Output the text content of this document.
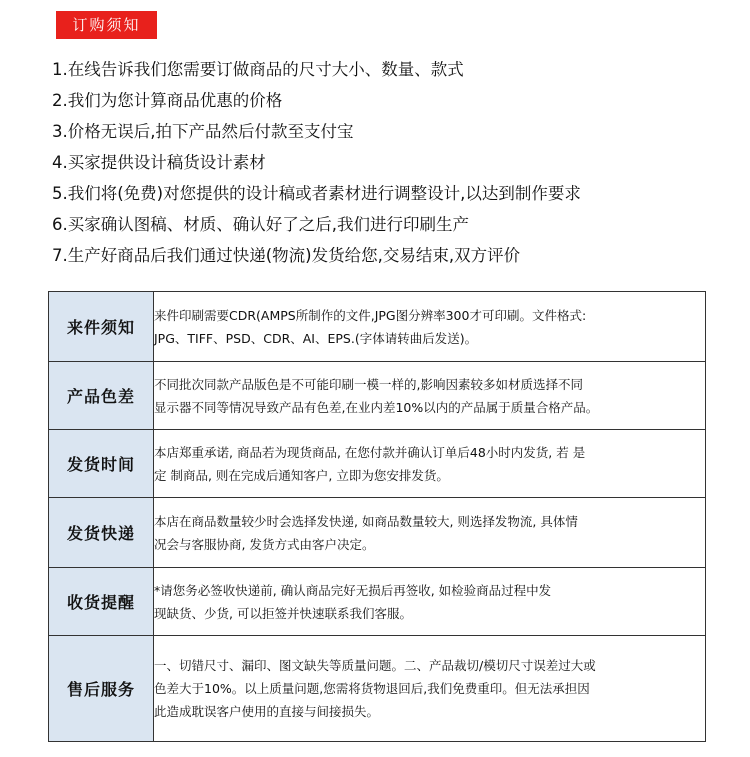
订购须知
1.在线告诉我们您需要订做商品的尺寸大小、数量、款式
2.我们为您计算商品优惠的价格
3.价格无误后,拍下产品然后付款至支付宝
4.买家提供设计稿货设计素材
5.我们将(免费)对您提供的设计稿或者素材进行调整设计,以达到制作要求
6.买家确认图稿、材质、确认好了之后,我们进行印刷生产
7.生产好商品后我们通过快递(物流)发货给您,交易结束,双方评价
来件须知	来件印刷需要CDR(AMPS所制作的文件,JPG图分辨率300才可印刷。文件格式:
JPG、TIFF、PSD、CDR、AI、EPS.(字体请转曲后发送)。

产品色差	不同批次同款产品版色是不可能印刷一模一样的,影响因素较多如材质选择不同
显示器不同等情况导致产品有色差,在业内差10%以内的产品属于质量合格产品。

发货时间	本店郑重承诺, 商品若为现货商品, 在您付款并确认订单后48小时内发货, 若 是
定 制商品, 则在完成后通知客户, 立即为您安排发货。

发货快递	本店在商品数量较少时会选择发快递, 如商品数量较大, 则选择发物流, 具体情
况会与客服协商, 发货方式由客户决定。

收货提醒	*请您务必签收快递前, 确认商品完好无损后再签收, 如检验商品过程中发
现缺货、少货, 可以拒签并快速联系我们客服。

售后服务	一、切错尺寸、漏印、图文缺失等质量问题。二、产品裁切/模切尺寸误差过大或
色差大于10%。以上质量问题,您需将货物退回后,我们免费重印。但无法承担因
此造成耽误客户使用的直接与间接损失。
